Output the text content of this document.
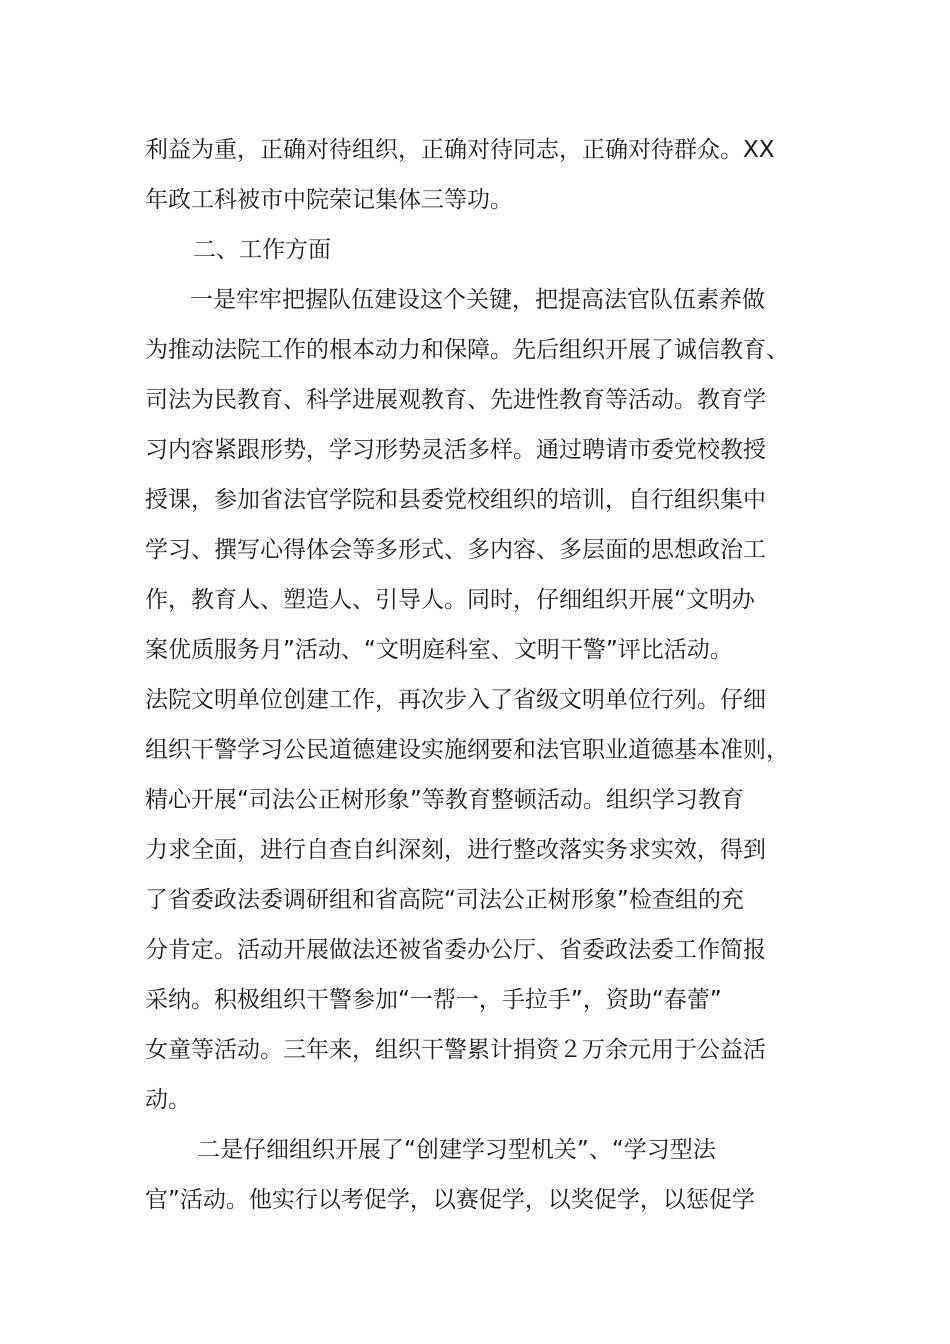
利益为重，正确对待组织，正确对待同志，正确对待群众。XX
年政工科被市中院荣记集体三等功。
二、工作方面
一是牢牢把握队伍建设这个关键，把提高法官队伍素养做
为推动法院工作的根本动力和保障。先后组织开展了诚信教育、
司法为民教育、科学进展观教育、先进性教育等活动。教育学
习内容紧跟形势，学习形势灵活多样。通过聘请市委党校教授
授课，参加省法官学院和县委党校组织的培训，自行组织集中
学习、撰写心得体会等多形式、多内容、多层面的思想政治工
作，教育人、塑造人、引导人。同时，仔细组织开展“文明办
案优质服务月”活动、“文明庭科室、文明干警”评比活动。
法院文明单位创建工作，再次步入了省级文明单位行列。仔细
组织干警学习公民道德建设实施纲要和法官职业道德基本准则，
精心开展“司法公正树形象”等教育整顿活动。组织学习教育
力求全面，进行自查自纠深刻，进行整改落实务求实效，得到
了省委政法委调研组和省高院“司法公正树形象”检查组的充
分肯定。活动开展做法还被省委办公厅、省委政法委工作简报
采纳。积极组织干警参加“一帮一，手拉手”，资助“春蕾”
女童等活动。三年来，组织干警累计捐资２万余元用于公益活
动。
二是仔细组织开展了“创建学习型机关”、“学习型法
官”活动。他实行以考促学，以赛促学，以奖促学，以惩促学
